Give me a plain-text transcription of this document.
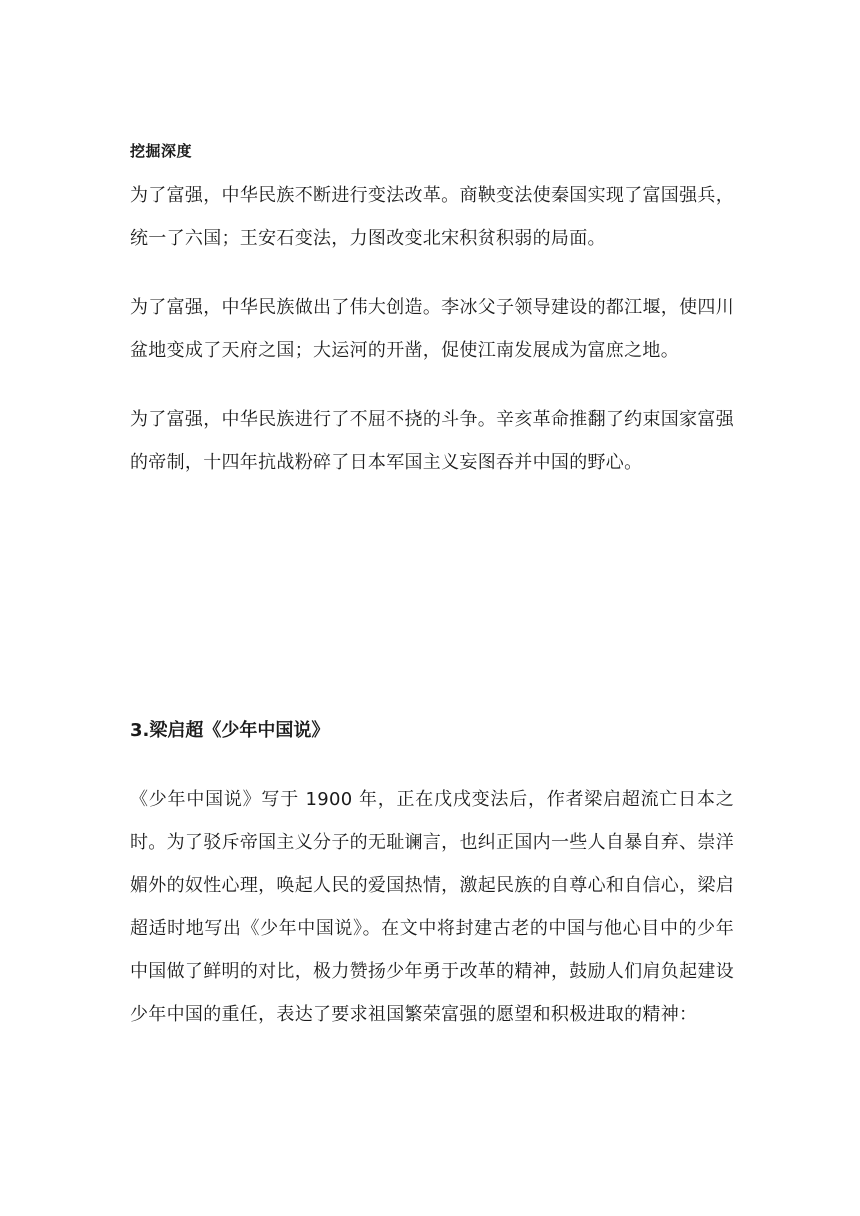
挖掘深度

为了富强，中华民族不断进行变法改革。商鞅变法使秦国实现了富国强兵，统一了六国；王安石变法，力图改变北宋积贫积弱的局面。

为了富强，中华民族做出了伟大创造。李冰父子领导建设的都江堰，使四川盆地变成了天府之国；大运河的开凿，促使江南发展成为富庶之地。

为了富强，中华民族进行了不屈不挠的斗争。辛亥革命推翻了约束国家富强的帝制，十四年抗战粉碎了日本军国主义妄图吞并中国的野心。

3.梁启超《少年中国说》

《少年中国说》写于 1900 年，正在戊戌变法后，作者梁启超流亡日本之时。为了驳斥帝国主义分子的无耻谰言，也纠正国内一些人自暴自弃、崇洋媚外的奴性心理，唤起人民的爱国热情，激起民族的自尊心和自信心，梁启超适时地写出《少年中国说》。在文中将封建古老的中国与他心目中的少年中国做了鲜明的对比，极力赞扬少年勇于改革的精神，鼓励人们肩负起建设少年中国的重任，表达了要求祖国繁荣富强的愿望和积极进取的精神：
